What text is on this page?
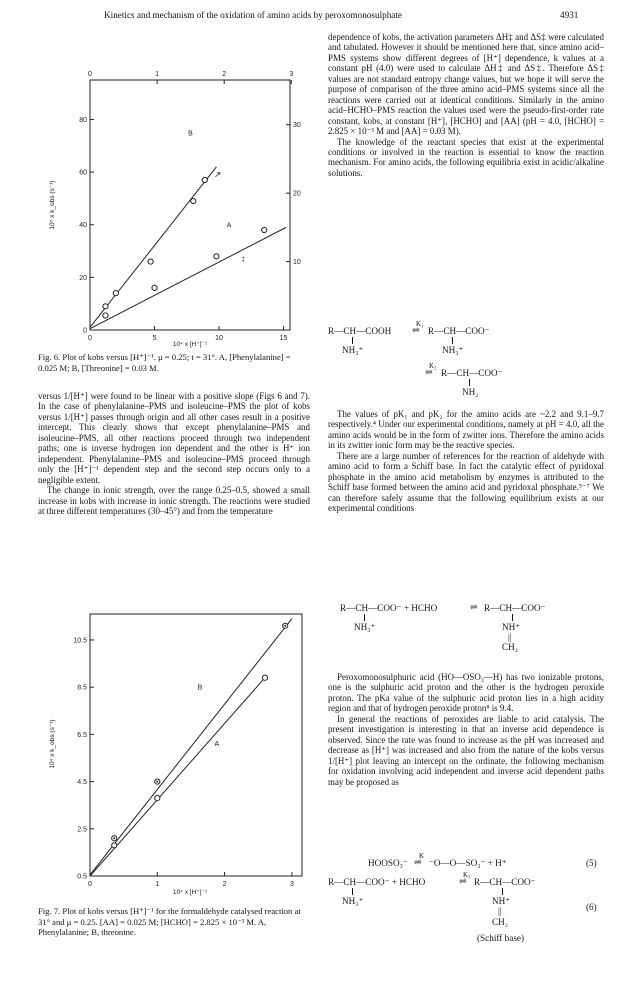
Kinetics and mechanism of the oxidation of amino acids by peroxomonosulphate	4931
0	5	10	15
0	1	2	3
0
20
40
60
80
10
20
30
10⁴ x [H⁺]⁻¹
10⁵ x k_obs (s⁻¹)
↗
↕
B
A
Fig. 6. Plot of kobs versus [H⁺]⁻¹. μ = 0.25; t = 31°. A, [Phenylalanine] = 0.025 M; B, [Threonine] = 0.03 M.

versus 1/[H⁺] were found to be linear with a positive slope (Figs 6 and 7). In the case of phenylalanine–PMS and isoleucine–PMS the plot of kobs versus 1/[H⁺] passes through origin and all other cases result in a positive intercept. This clearly shows that except phenylalanine–PMS and isoleucine–PMS, all other reactions proceed through two independent paths; one is inverse hydrogen ion dependent and the other is H⁺ ion independent. Phenylalanine–PMS and isoleucine–PMS proceed through only the [H⁺]⁻¹ dependent step and the second step occurs only to a negligible extent.

The change in ionic strength, over the range 0.25–0.5, showed a small increase in kobs with increase in ionic strength. The reactions were studied at three different temperatures (30–45°) and from the temperature

0	1	2	3
0.5
2.5
4.5
6.5
8.5
10.5
10⁴ x [H⁺]⁻¹
10⁴ x k_obs (s⁻¹)
B
A
Fig. 7. Plot of kobs versus [H⁺]⁻¹ for the formaldehyde catalysed reaction at 31° and μ = 0.25. [AA] = 0.025 M; [HCHO] = 2.825 × 10⁻³ M. A, Phenylalanine; B, threonine.

dependence of kobs, the activation parameters ΔH‡ and ΔS‡ were calculated and tabulated. However it should be mentioned here that, since amino acid–PMS systems show different degrees of [H⁺] dependence, k values at a constant pH (4.0) were used to calculate ΔH‡ and ΔS‡. Therefore ΔS‡ values are not standard entropy change values, but we hope it will serve the purpose of comparison of the three amino acid–PMS systems since all the reactions were carried out at identical conditions. Similarly in the amino acid–HCHO–PMS reaction the values used were the pseudo-first-order rate constant, kobs, at constant [H⁺], [HCHO] and [AA] (pH = 4.0, [HCHO] = 2.825 × 10⁻³ M and [AA] = 0.03 M).

The knowledge of the reactant species that exist at the experimental conditions or involved in the reaction is essential to know the reaction mechanism. For amino acids, the following equilibria exist in acidic/alkaline solutions.

R—CH—COOH
K₁
⇌ R—CH—COO⁻
NH₃⁺	NH₃⁺
K₂
⇌ R—CH—COO⁻
NH₂

The values of pK₁ and pK₂ for the amino acids are ~2.2 and 9.1–9.7 respectively.⁴ Under our experimental conditions, namely at pH = 4.0, all the amino acids would be in the form of zwitter ions. Therefore the amino acids in its zwitter ionic form may be the reactive species.

There are a large number of references for the reaction of aldehyde with amino acid to form a Schiff base. In fact the catalytic effect of pyridoxal phosphate in the amino acid metabolism by enzymes is attributed to the Schiff base formed between the amino acid and pyridoxal phosphate.⁵⁻⁷ We can therefore safely assume that the following equilibrium exists at our experimental conditions

R—CH—COO⁻ + HCHO	⇌ R—CH—COO⁻
NH₃⁺	NH⁺
||
CH₂

Peroxomonosulphuric acid (HO—OSO₃—H) has two ionizable protons, one is the sulphuric acid proton and the other is the hydrogen peroxide proton. The pKa value of the sulphuric acid proton lies in a high acidity region and that of hydrogen peroxide proton⁸ is 9.4.

In general the reactions of peroxides are liable to acid catalysis. The present investigation is interesting in that an inverse acid dependence is observed. Since the rate was found to increase as the pH was increased and decrease as [H⁺] was increased and also from the nature of the kobs versus 1/[H⁺] plot leaving an intercept on the ordinate, the following mechanism for oxidation involving acid independent and inverse acid dependent paths may be proposed as

HOOSO₃⁻
K
⇌ ⁻O—O—SO₃⁻ + H⁺	(5)
R—CH—COO⁻ + HCHO
K₃
⇌ R—CH—COO⁻
NH₃⁺	NH⁺
(6)
||
CH₂
(Schiff base)
